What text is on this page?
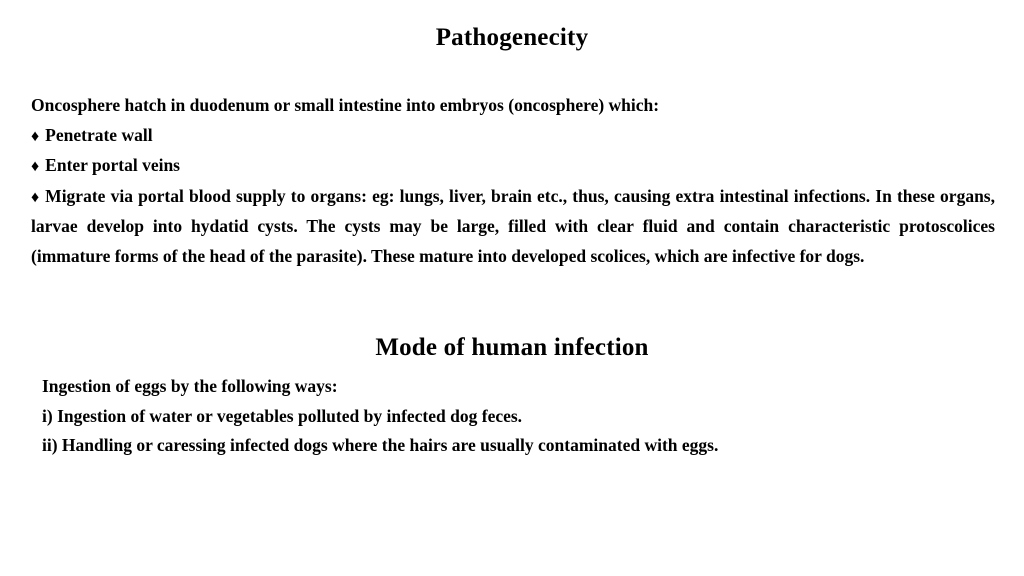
Pathogenecity
Oncosphere hatch in duodenum or small intestine into embryos (oncosphere) which:
♦ Penetrate wall
♦ Enter portal veins
♦ Migrate via portal blood supply to organs: eg: lungs, liver, brain etc., thus, causing extra intestinal infections. In these organs, larvae develop into hydatid cysts. The cysts may be large, filled with clear fluid and contain characteristic protoscolices (immature forms of the head of the parasite). These mature into developed scolices, which are infective for dogs.
Mode of human infection
Ingestion of eggs by the following ways:
i) Ingestion of water or vegetables polluted by infected dog feces.
ii) Handling or caressing infected dogs where the hairs are usually contaminated with eggs.
